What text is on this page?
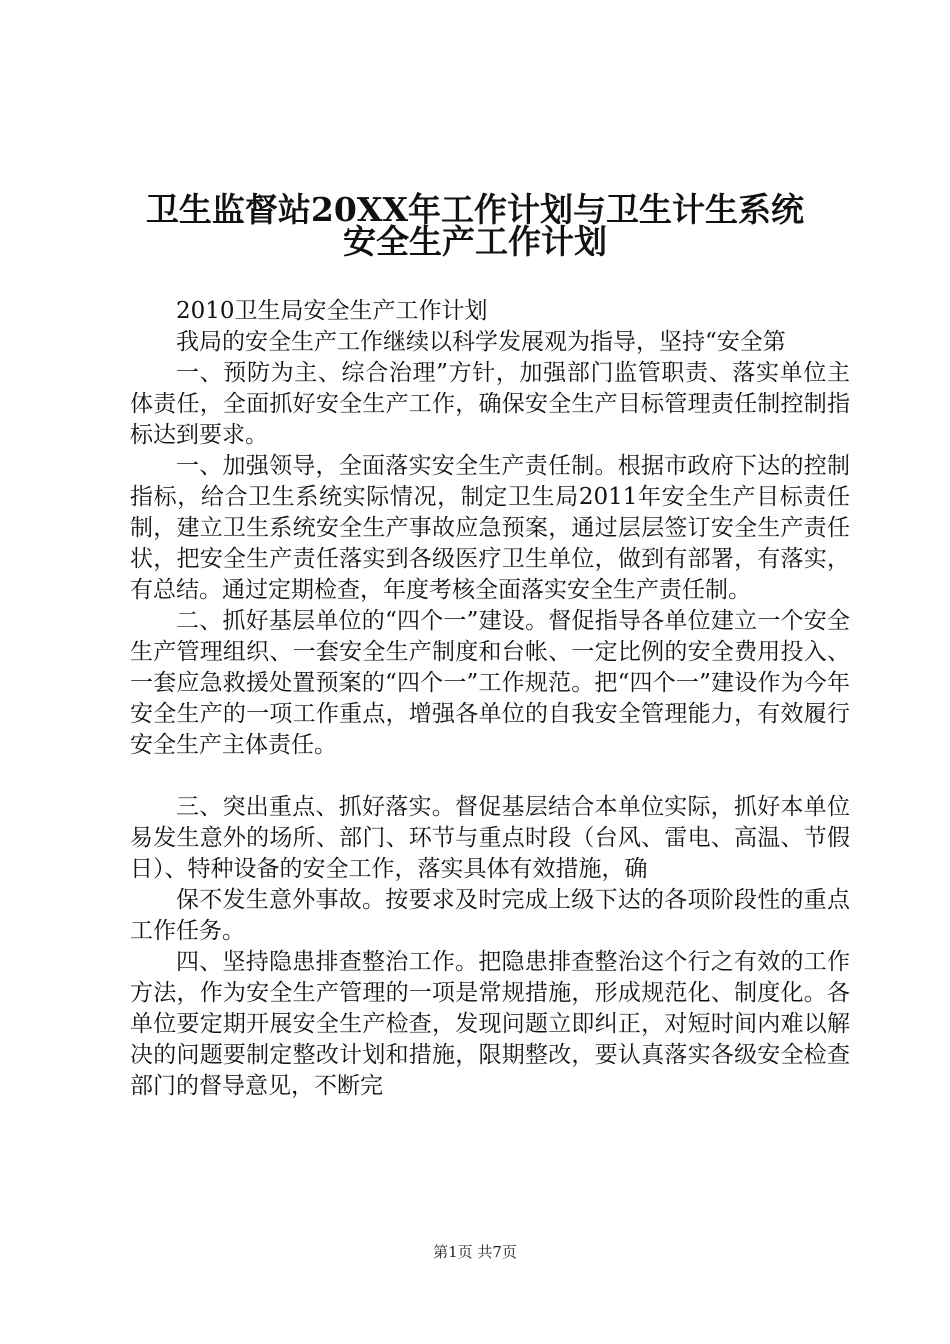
卫生监督站20XX年工作计划与卫生计生系统
安全生产工作计划

2010卫生局安全生产工作计划

我局的安全生产工作继续以科学发展观为指导，坚持“安全第

一、预防为主、综合治理”方针，加强部门监管职责、落实单位主体责任，全面抓好安全生产工作，确保安全生产目标管理责任制控制指标达到要求。

一、加强领导，全面落实安全生产责任制。根据市政府下达的控制指标，给合卫生系统实际情况，制定卫生局2011年安全生产目标责任制，建立卫生系统安全生产事故应急预案，通过层层签订安全生产责任状，把安全生产责任落实到各级医疗卫生单位，做到有部署，有落实，有总结。通过定期检查，年度考核全面落实安全生产责任制。

二、抓好基层单位的“四个一”建设。督促指导各单位建立一个安全生产管理组织、一套安全生产制度和台帐、一定比例的安全费用投入、一套应急救援处置预案的“四个一”工作规范。把“四个一”建设作为今年安全生产的一项工作重点，增强各单位的自我安全管理能力，有效履行安全生产主体责任。

三、突出重点、抓好落实。督促基层结合本单位实际，抓好本单位易发生意外的场所、部门、环节与重点时段（台风、雷电、高温、节假日）、特种设备的安全工作，落实具体有效措施，确

保不发生意外事故。按要求及时完成上级下达的各项阶段性的重点工作任务。

四、坚持隐患排查整治工作。把隐患排查整治这个行之有效的工作方法，作为安全生产管理的一项是常规措施，形成规范化、制度化。各单位要定期开展安全生产检查，发现问题立即纠正，对短时间内难以解决的问题要制定整改计划和措施，限期整改，要认真落实各级安全检查部门的督导意见，不断完

第1页 共7页
